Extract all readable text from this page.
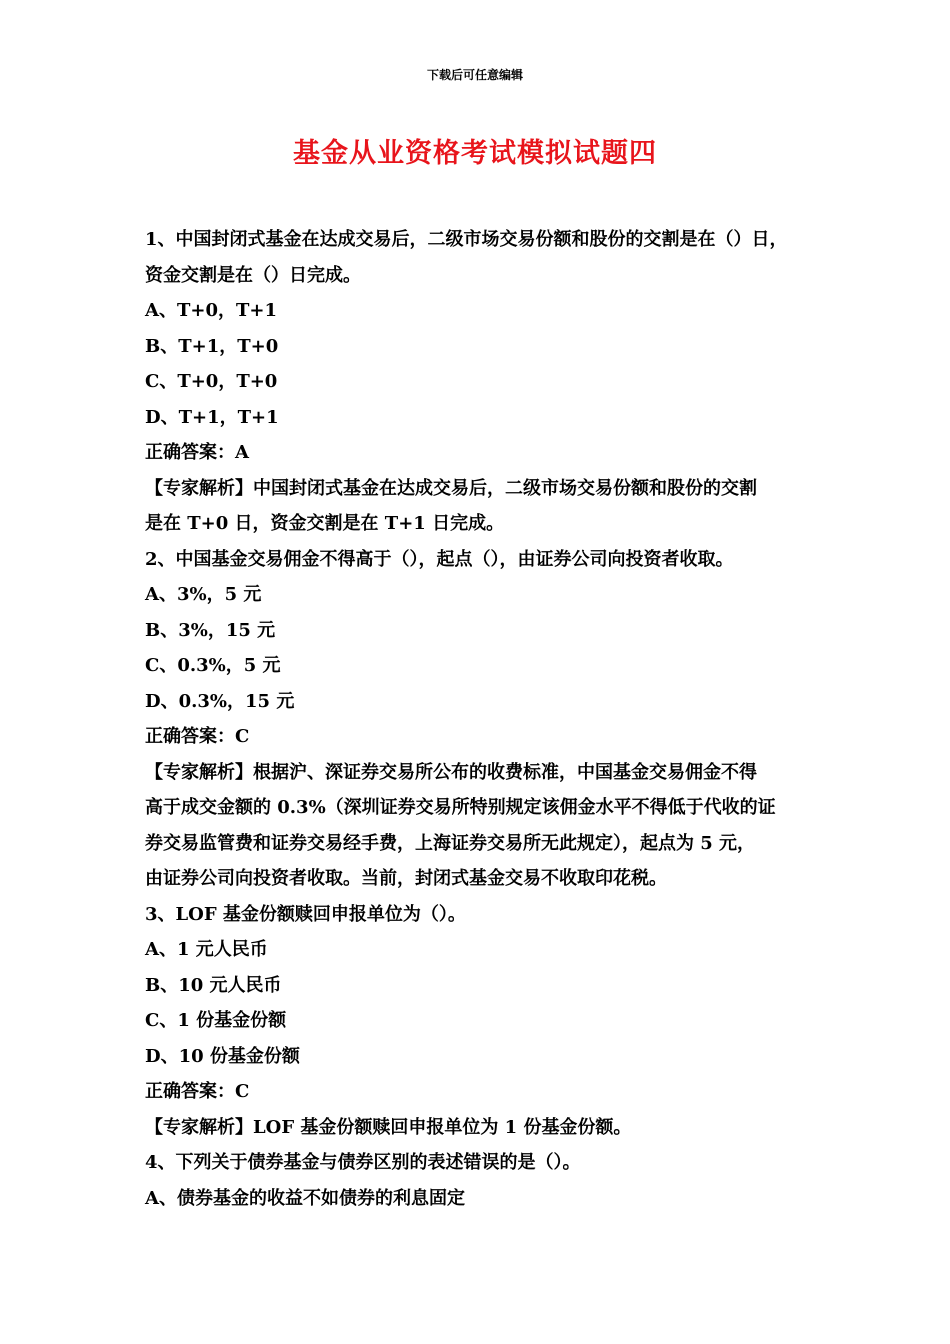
下载后可任意编辑
基金从业资格考试模拟试题四
1、中国封闭式基金在达成交易后，二级市场交易份额和股份的交割是在（）日，
资金交割是在（）日完成。
A、T+0，T+1
B、T+1，T+0
C、T+0，T+0
D、T+1，T+1
正确答案：A
【专家解析】中国封闭式基金在达成交易后，二级市场交易份额和股份的交割
是在 T+0 日，资金交割是在 T+1 日完成。
2、中国基金交易佣金不得高于（），起点（），由证券公司向投资者收取。
A、3%，5 元
B、3%，15 元
C、0.3%，5 元
D、0.3%，15 元
正确答案：C
【专家解析】根据沪、深证券交易所公布的收费标准，中国基金交易佣金不得
高于成交金额的 0.3%（深圳证券交易所特别规定该佣金水平不得低于代收的证
券交易监管费和证券交易经手费，上海证券交易所无此规定），起点为 5 元，
由证券公司向投资者收取。当前，封闭式基金交易不收取印花税。
3、LOF 基金份额赎回申报单位为（）。
A、1 元人民币
B、10 元人民币
C、1 份基金份额
D、10 份基金份额
正确答案：C
【专家解析】LOF 基金份额赎回申报单位为 1 份基金份额。
4、下列关于债券基金与债券区别的表述错误的是（）。
A、债券基金的收益不如债券的利息固定
